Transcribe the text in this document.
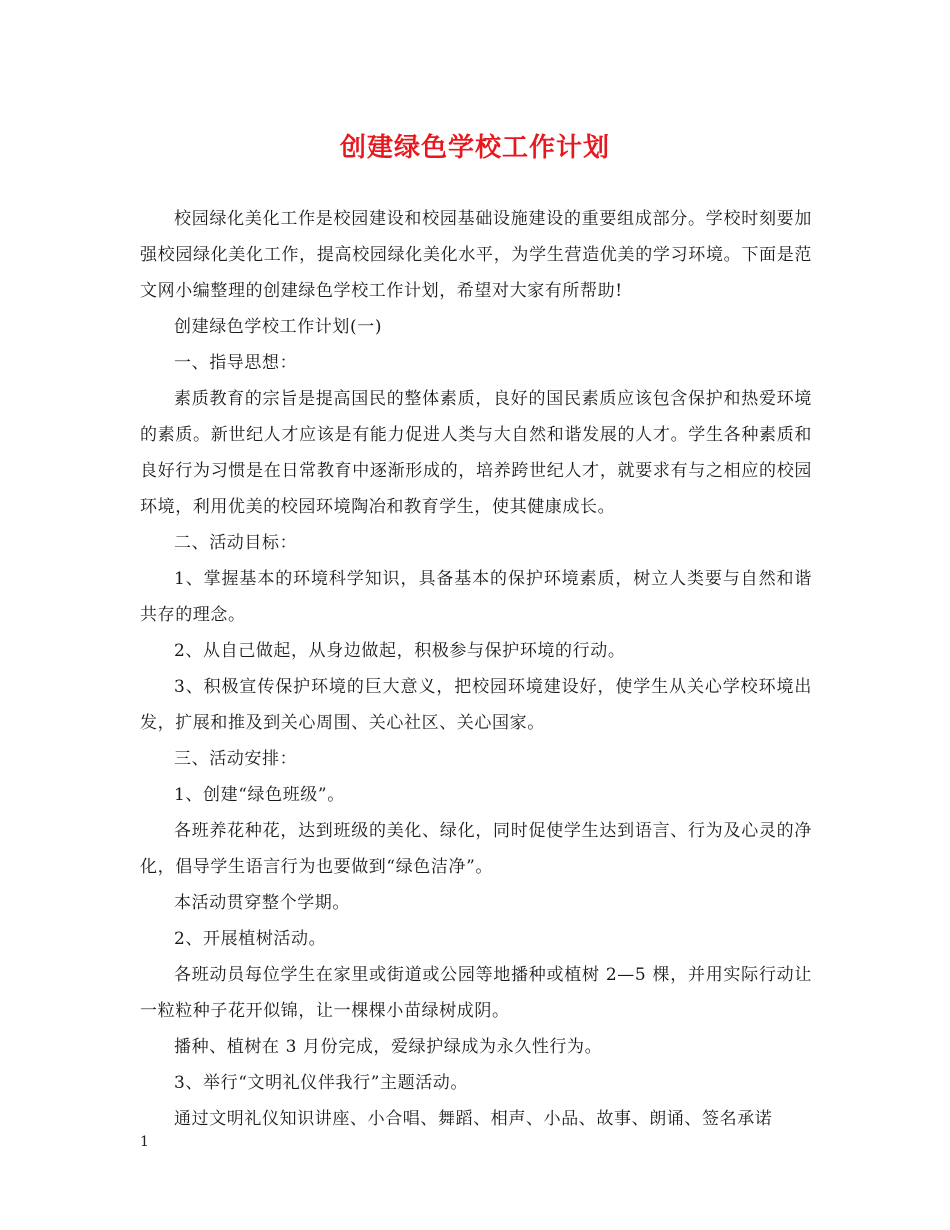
创建绿色学校工作计划

校园绿化美化工作是校园建设和校园基础设施建设的重要组成部分。学校时刻要加强校园绿化美化工作，提高校园绿化美化水平，为学生营造优美的学习环境。下面是范文网小编整理的创建绿色学校工作计划，希望对大家有所帮助!

创建绿色学校工作计划(一)

一、指导思想：

素质教育的宗旨是提高国民的整体素质，良好的国民素质应该包含保护和热爱环境的素质。新世纪人才应该是有能力促进人类与大自然和谐发展的人才。学生各种素质和良好行为习惯是在日常教育中逐渐形成的，培养跨世纪人才，就要求有与之相应的校园环境，利用优美的校园环境陶冶和教育学生，使其健康成长。

二、活动目标：

1、掌握基本的环境科学知识，具备基本的保护环境素质，树立人类要与自然和谐共存的理念。

2、从自己做起，从身边做起，积极参与保护环境的行动。

3、积极宣传保护环境的巨大意义，把校园环境建设好，使学生从关心学校环境出发，扩展和推及到关心周围、关心社区、关心国家。

三、活动安排：

1、创建“绿色班级”。

各班养花种花，达到班级的美化、绿化，同时促使学生达到语言、行为及心灵的净化，倡导学生语言行为也要做到“绿色洁净”。

本活动贯穿整个学期。

2、开展植树活动。

各班动员每位学生在家里或街道或公园等地播种或植树 2—5 棵，并用实际行动让一粒粒种子花开似锦，让一棵棵小苗绿树成阴。

播种、植树在 3 月份完成，爱绿护绿成为永久性行为。

3、举行“文明礼仪伴我行”主题活动。

通过文明礼仪知识讲座、小合唱、舞蹈、相声、小品、故事、朗诵、签名承诺

1
